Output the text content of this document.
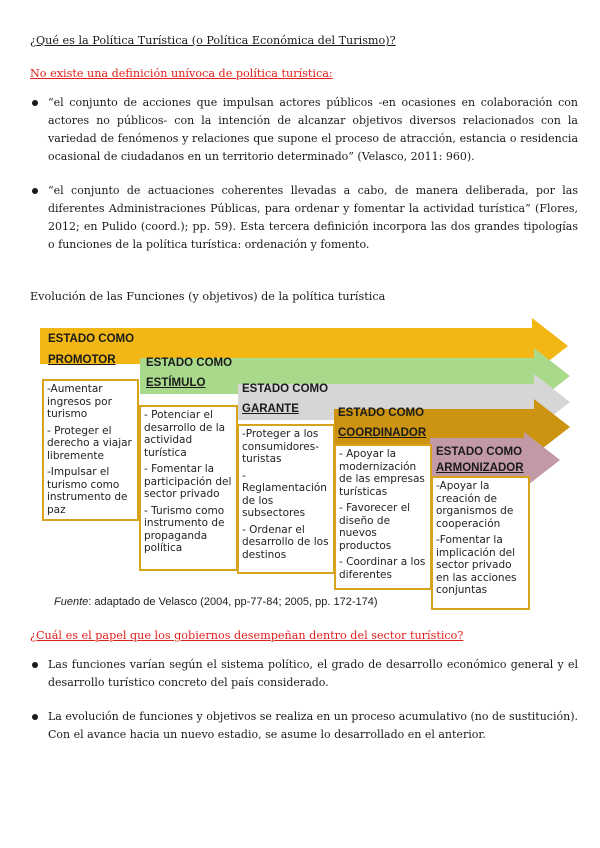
¿Qué es la Política Turística (o Política Económica del Turismo)?
No existe una definición unívoca de política turística:
“el conjunto de acciones que impulsan actores públicos -en ocasiones en colaboración con actores no públicos- con la intención de alcanzar objetivos diversos relacionados con la variedad de fenómenos y relaciones que supone el proceso de atracción, estancia o residencia ocasional de ciudadanos en un territorio determinado” (Velasco, 2011: 960).
“el conjunto de actuaciones coherentes llevadas a cabo, de manera deliberada, por las diferentes Administraciones Públicas, para ordenar y fomentar la actividad turística” (Flores, 2012; en Pulido (coord.); pp. 59). Esta tercera definición incorpora las dos grandes tipologías o funciones de la política turística: ordenación y fomento.
Evolución de las Funciones (y objetivos) de la política turística
ESTADO COMO
PROMOTOR	ESTADO COMO
ESTÍMULO	ESTADO COMO
GARANTE	ESTADO COMO
COORDINADOR
ESTADO COMO
ARMONIZADOR

-Aumentar ingresos por turismo

- Proteger el derecho a viajar libremente

-Impulsar el turismo como instrumento de paz

- Potenciar el desarrollo de la actividad turística

- Fomentar la participación del sector privado

- Turismo como instrumento de propaganda política

-Proteger a los consumidores-turistas

- Reglamentación de los subsectores

- Ordenar el desarrollo de los destinos

- Apoyar la modernización de las empresas turísticas

- Favorecer el diseño de nuevos productos

- Coordinar a los diferentes

-Apoyar la creación de organismos de cooperación

-Fomentar la implicación del sector privado en las acciones conjuntas

Fuente: adaptado de Velasco (2004, pp-77-84; 2005, pp. 172-174)
¿Cuál es el papel que los gobiernos desempeñan dentro del sector turístico?
Las funciones varían según el sistema político, el grado de desarrollo económico general y el desarrollo turístico concreto del país considerado.
La evolución de funciones y objetivos se realiza en un proceso acumulativo (no de sustitución). Con el avance hacia un nuevo estadio, se asume lo desarrollado en el anterior.
